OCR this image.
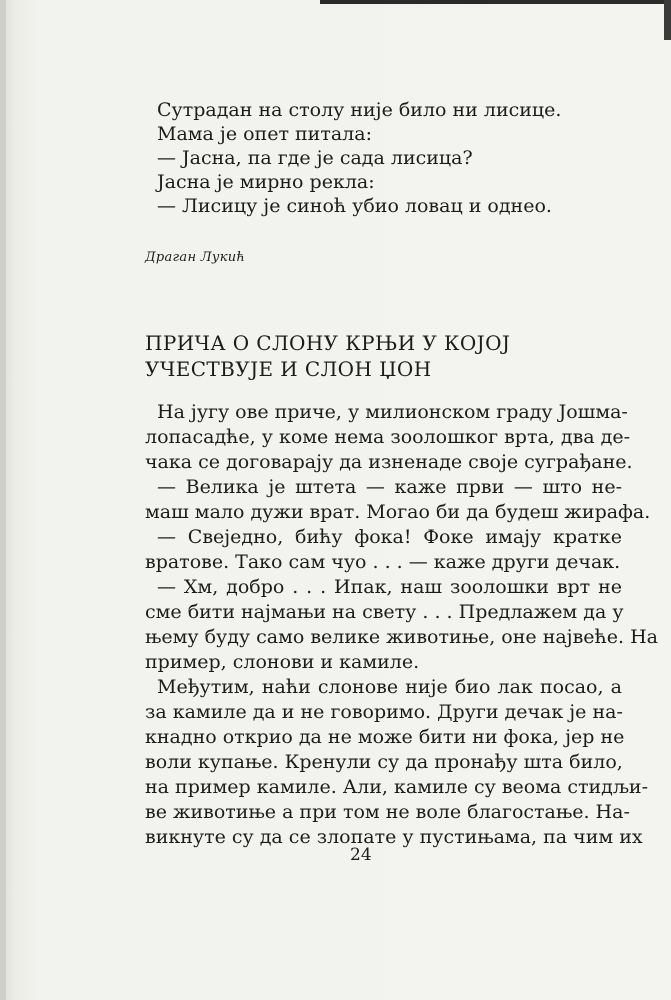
Сутрадан на столу није било ни лисице.
Мама је опет питала:
— Јасна, па где је сада лисица?
Јасна је мирно рекла:
— Лисицу је синоћ убио ловац и однео.
Драган Лукић
ПРИЧА О СЛОНУ КРЊИ У КОЈОЈ
УЧЕСТВУЈЕ И СЛОН ЏОН
На југу ове приче, у милионском граду Јошма-
лопасадће, у коме нема зоолошког врта, два де-
чака се договарају да изненаде своје суграђане.
— Велика је штета — каже први — што не-
маш мало дужи врат. Могао би да будеш жирафа.
— Свеједно, бићу фока! Фоке имају кратке
вратове. Тако сам чуо . . . — каже други дечак.
— Хм, добро . . . Ипак, наш зоолошки врт не
сме бити најмањи на свету . . . Предлажем да у
њему буду само велике животиње, оне највеће. На
пример, слонови и камиле.
Међутим, наћи слонове није био лак посао, а
за камиле да и не говоримо. Други дечак је на-
кнадно открио да не може бити ни фока, јер не
воли купање. Кренули су да пронађу шта било,
на пример камиле. Али, камиле су веома стидљи-
ве животиње а при том не воле благостање. На-
викнуте су да се злопате у пустињама, па чим их
24
